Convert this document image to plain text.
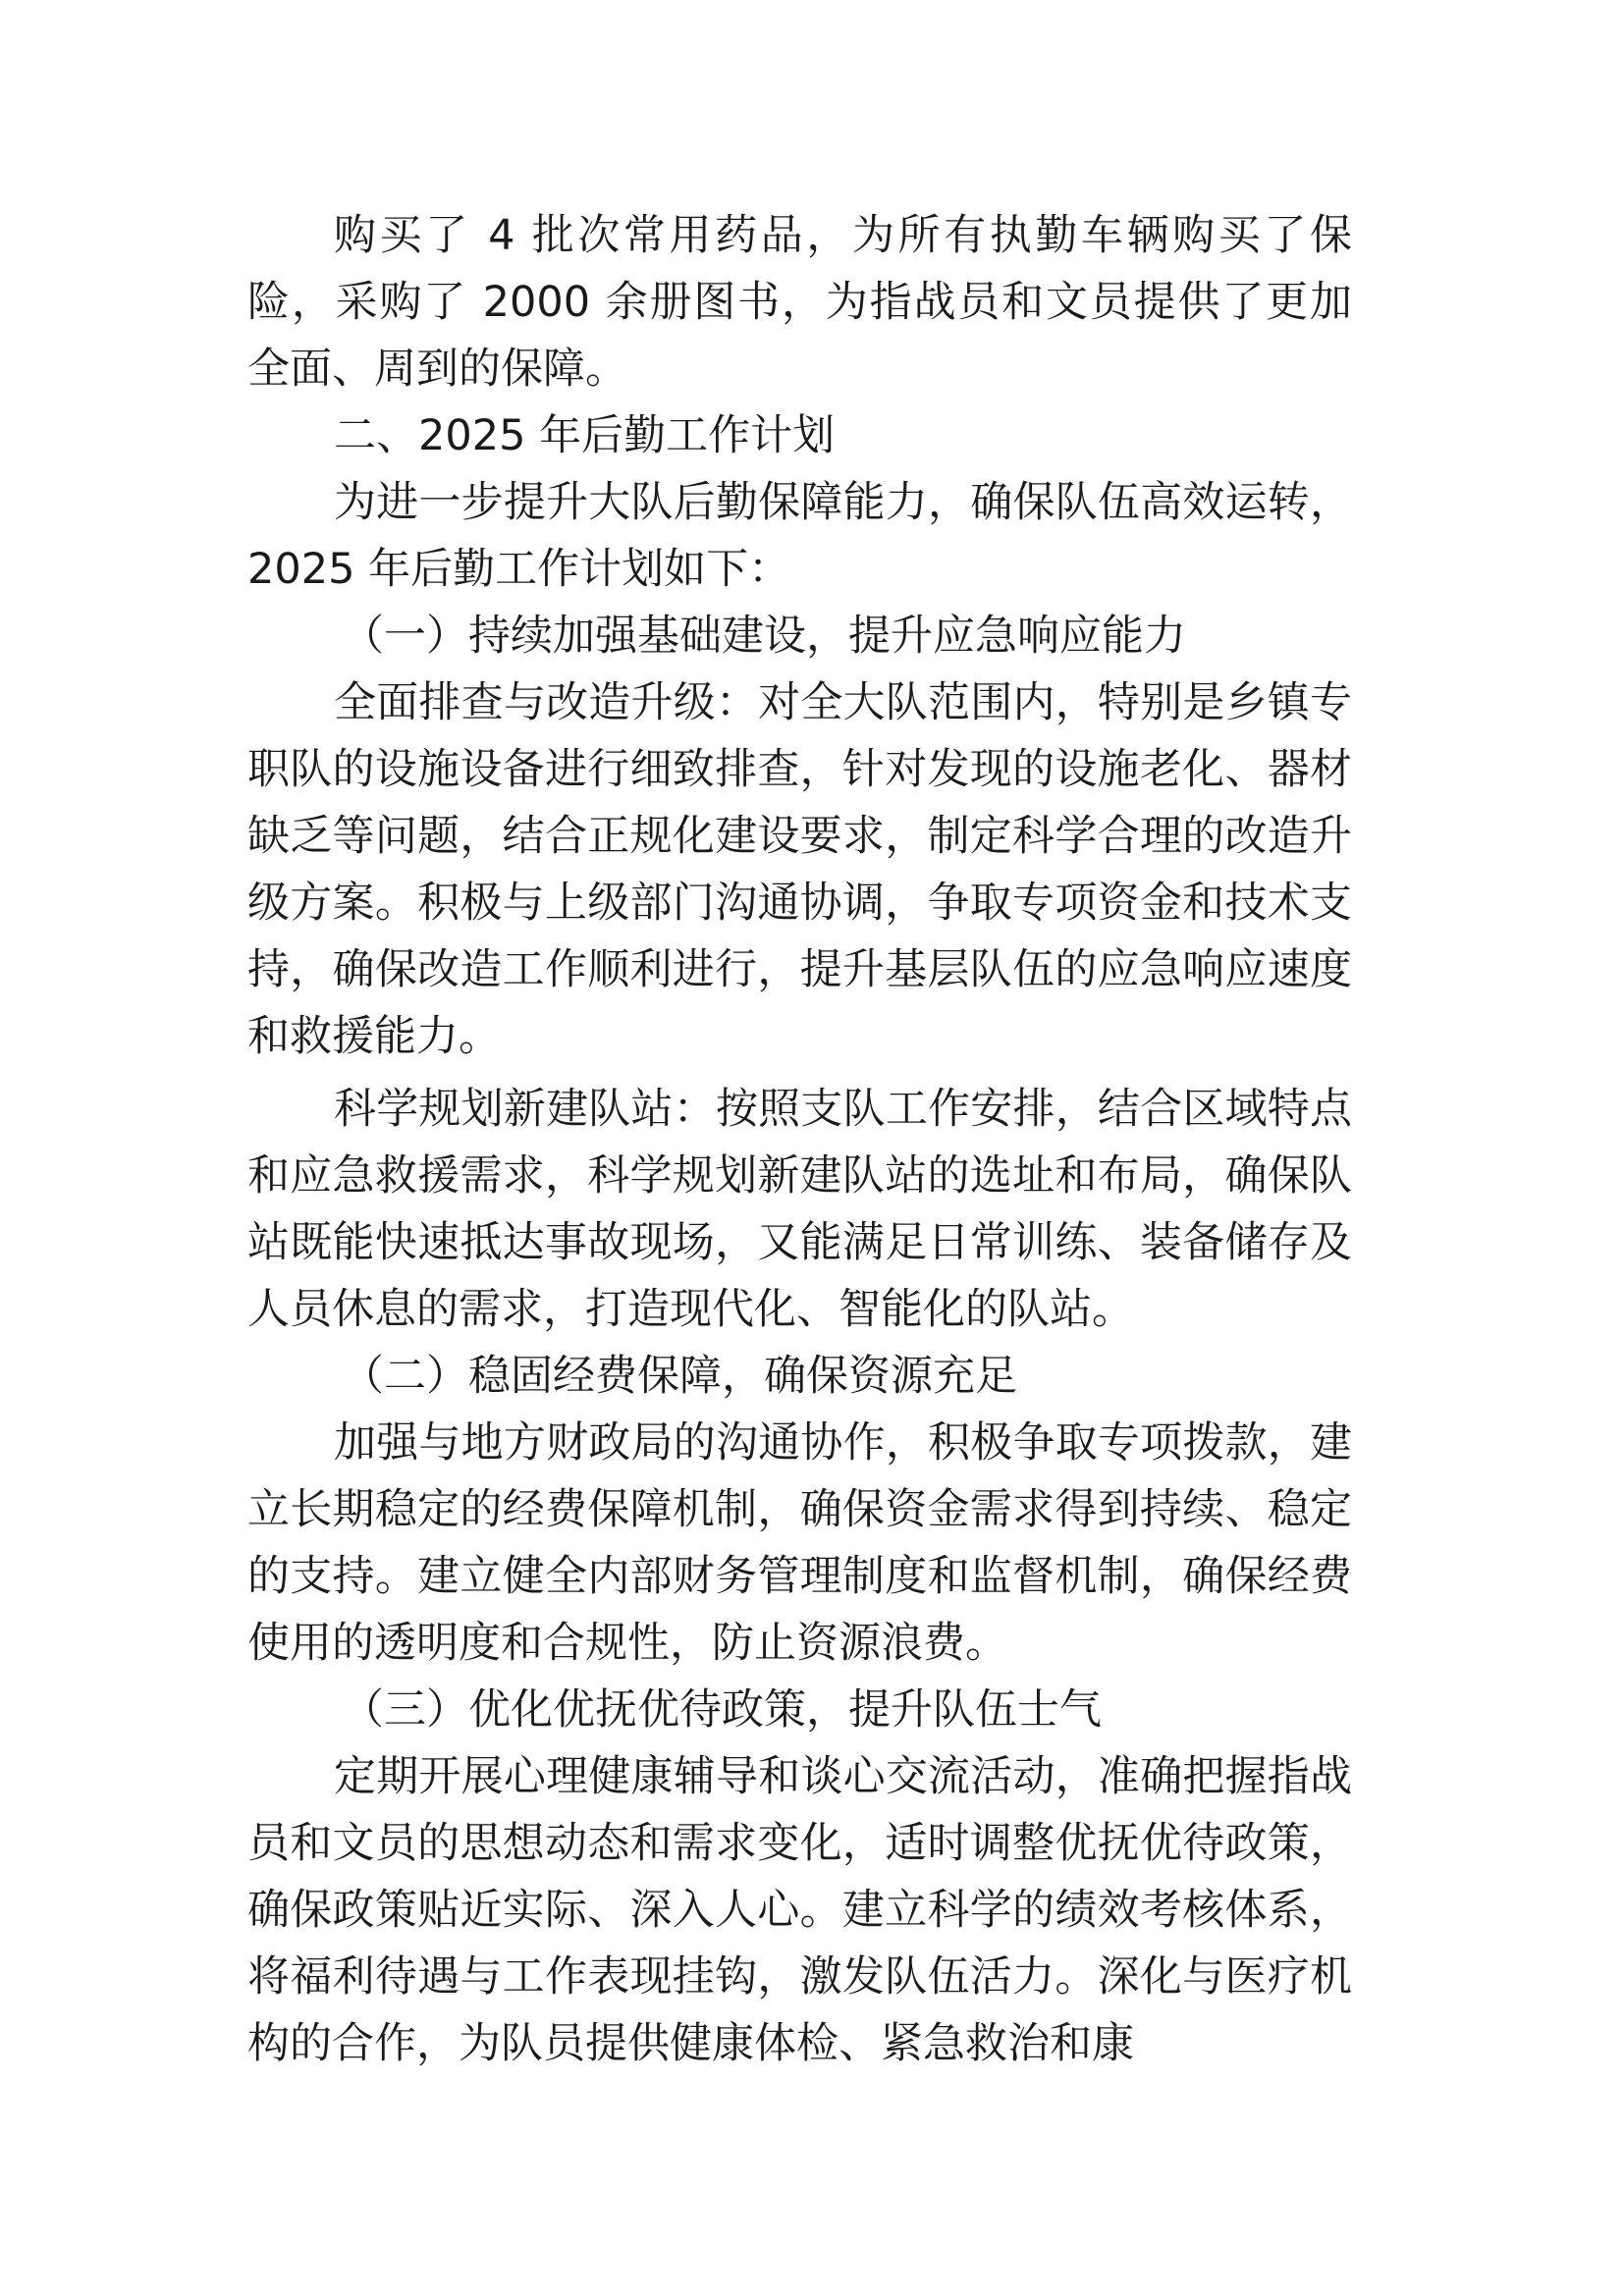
购买了 4 批次常用药品，为所有执勤车辆购买了保险，采购了 2000 余册图书，为指战员和文员提供了更加全面、周到的保障。

二、2025 年后勤工作计划

为进一步提升大队后勤保障能力，确保队伍高效运转，2025 年后勤工作计划如下：

（一）持续加强基础建设，提升应急响应能力

全面排查与改造升级：对全大队范围内，特别是乡镇专职队的设施设备进行细致排查，针对发现的设施老化、器材缺乏等问题，结合正规化建设要求，制定科学合理的改造升级方案。积极与上级部门沟通协调，争取专项资金和技术支持，确保改造工作顺利进行，提升基层队伍的应急响应速度和救援能力。

科学规划新建队站：按照支队工作安排，结合区域特点和应急救援需求，科学规划新建队站的选址和布局，确保队站既能快速抵达事故现场，又能满足日常训练、装备储存及人员休息的需求，打造现代化、智能化的队站。

（二）稳固经费保障，确保资源充足

加强与地方财政局的沟通协作，积极争取专项拨款，建立长期稳定的经费保障机制，确保资金需求得到持续、稳定的支持。建立健全内部财务管理制度和监督机制，确保经费使用的透明度和合规性，防止资源浪费。

（三）优化优抚优待政策，提升队伍士气

定期开展心理健康辅导和谈心交流活动，准确把握指战员和文员的思想动态和需求变化，适时调整优抚优待政策，确保政策贴近实际、深入人心。建立科学的绩效考核体系，将福利待遇与工作表现挂钩，激发队伍活力。深化与医疗机构的合作，为队员提供健康体检、紧急救治和康
